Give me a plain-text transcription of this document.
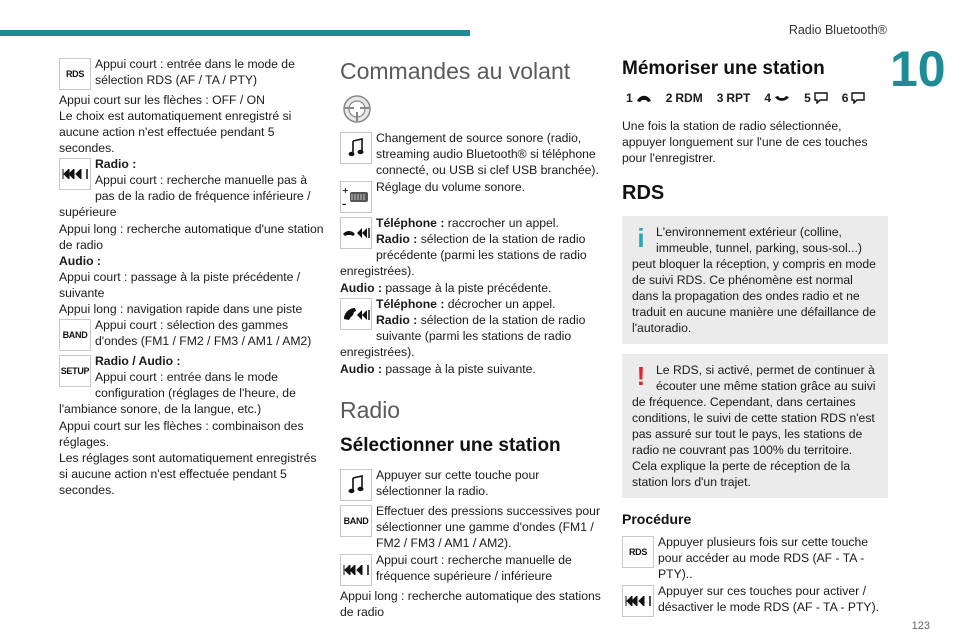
Radio Bluetooth®
10
123
RDS

Appui court : entrée dans le mode de sélection RDS (AF / TA / PTY)

Appui court sur les flèches : OFF / ON

Le choix est automatiquement enregistré si aucune action n'est effectuée pendant 5 secondes.

Radio :

Appui court : recherche manuelle pas à pas de la radio de fréquence inférieure / supérieure

Appui long : recherche automatique d'une station de radio

Audio :

Appui court : passage à la piste précédente / suivante

Appui long : navigation rapide dans une piste

BAND

Appui court : sélection des gammes d'ondes (FM1 / FM2 / FM3 / AM1 / AM2)

SETUP

Radio / Audio :

Appui court : entrée dans le mode configuration (réglages de l'heure, de l'ambiance sonore, de la langue, etc.)

Appui court sur les flèches : combinaison des réglages.

Les réglages sont automatiquement enregistrés si aucune action n'est effectuée pendant 5 secondes.

Commandes au volant

Changement de source sonore (radio, streaming audio Bluetooth® si téléphone connecté, ou USB si clef USB branchée).

+
–

Réglage du volume sonore.

Téléphone : raccrocher un appel.

Radio : sélection de la station de radio précédente (parmi les stations de radio enregistrées).

Audio : passage à la piste précédente.

Téléphone : décrocher un appel.

Radio : sélection de la station de radio suivante (parmi les stations de radio enregistrées).

Audio : passage à la piste suivante.

Radio
Sélectionner une station

Appuyer sur cette touche pour sélectionner la radio.

BAND

Effectuer des pressions successives pour sélectionner une gamme d'ondes (FM1 / FM2 / FM3 / AM1 / AM2).

Appui court : recherche manuelle de fréquence supérieure / inférieure

Appui long : recherche automatique des stations de radio

Mémoriser une station
1	2 RDM 3 RPT 4	5	6

Une fois la station de radio sélectionnée, appuyer longuement sur l'une de ces touches pour l'enregistrer.

RDS
i L'environnement extérieur (colline, immeuble, tunnel, parking, sous-sol...) peut bloquer la réception, y compris en mode de suivi RDS. Ce phénomène est normal dans la propagation des ondes radio et ne traduit en aucune manière une défaillance de l'autoradio.

! Le RDS, si activé, permet de continuer à écouter une même station grâce au suivi de fréquence. Cependant, dans certaines conditions, le suivi de cette station RDS n'est pas assuré sur tout le pays, les stations de radio ne couvrant pas 100% du territoire. Cela explique la perte de réception de la station lors d'un trajet.

Procédure
RDS

Appuyer plusieurs fois sur cette touche pour accéder au mode RDS (AF - TA - PTY)..

Appuyer sur ces touches pour activer / désactiver le mode RDS (AF - TA - PTY).
